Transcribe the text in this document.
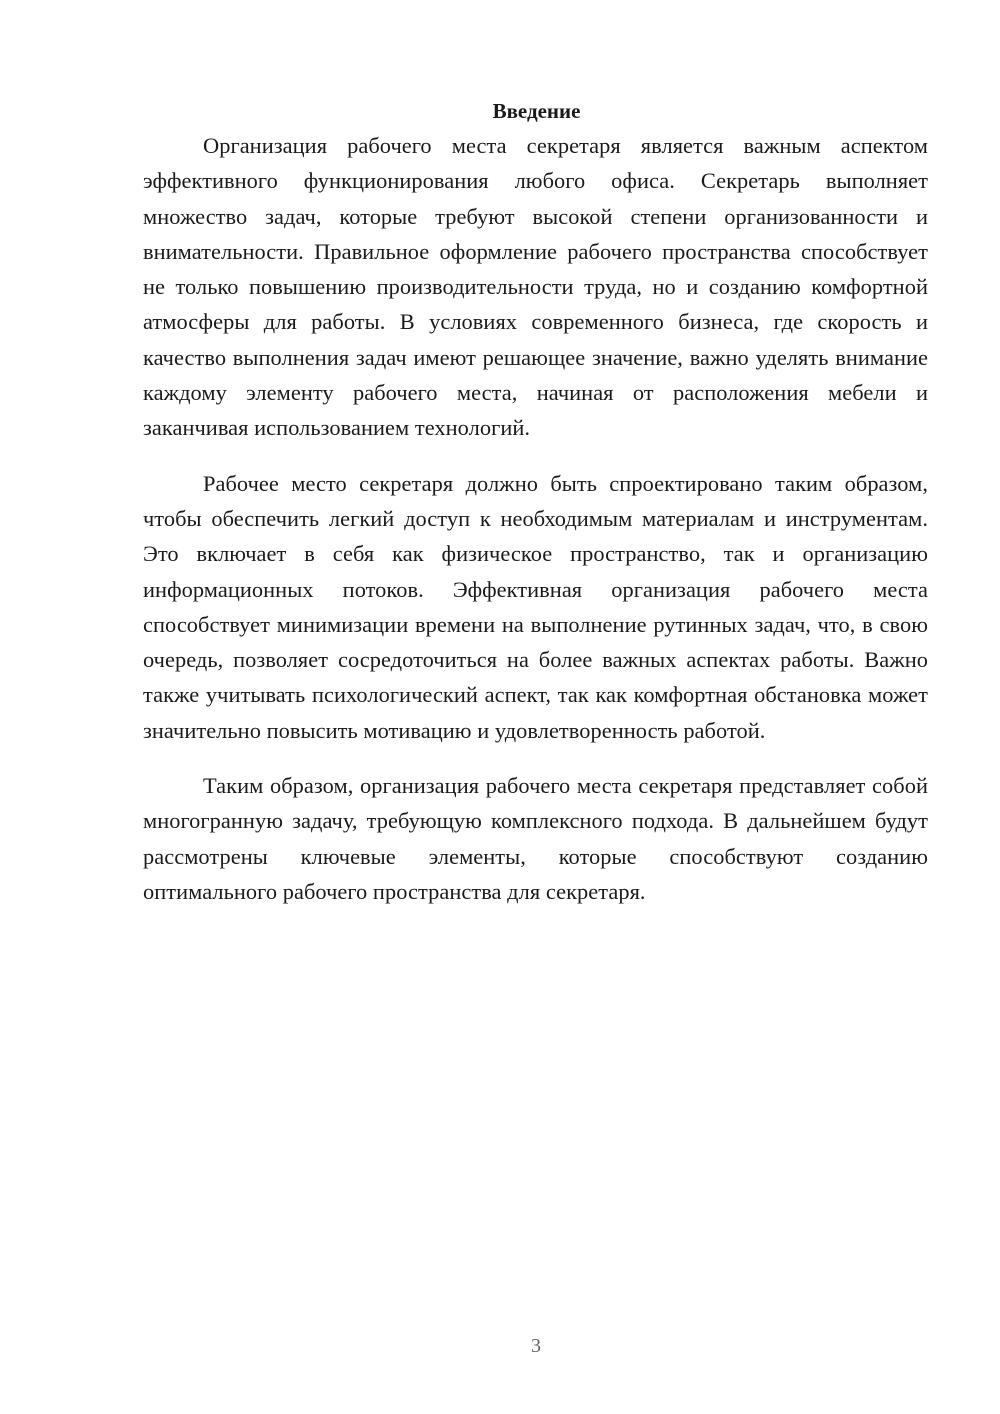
Введение

Организация рабочего места секретаря является важным аспектом эффективного функционирования любого офиса. Секретарь выполняет множество задач, которые требуют высокой степени организованности и внимательности. Правильное оформление рабочего пространства способствует не только повышению производительности труда, но и созданию комфортной атмосферы для работы. В условиях современного бизнеса, где скорость и качество выполнения задач имеют решающее значение, важно уделять внимание каждому элементу рабочего места, начиная от расположения мебели и заканчивая использованием технологий.

Рабочее место секретаря должно быть спроектировано таким образом, чтобы обеспечить легкий доступ к необходимым материалам и инструментам. Это включает в себя как физическое пространство, так и организацию информационных потоков. Эффективная организация рабочего места способствует минимизации времени на выполнение рутинных задач, что, в свою очередь, позволяет сосредоточиться на более важных аспектах работы. Важно также учитывать психологический аспект, так как комфортная обстановка может значительно повысить мотивацию и удовлетворенность работой.

Таким образом, организация рабочего места секретаря представляет собой многогранную задачу, требующую комплексного подхода. В дальнейшем будут рассмотрены ключевые элементы, которые способствуют созданию оптимального рабочего пространства для секретаря.

3
